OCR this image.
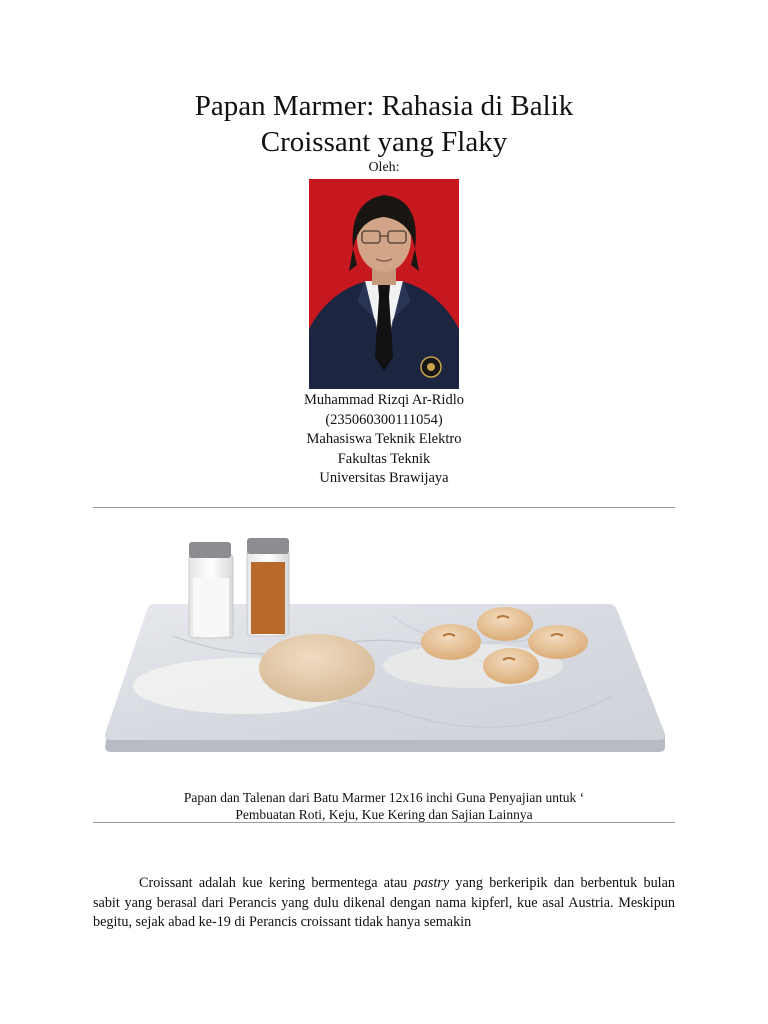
Papan Marmer: Rahasia di Balik
Croissant yang Flaky
Oleh:
Muhammad Rizqi Ar-Ridlo
(235060300111054)
Mahasiswa Teknik Elektro
Fakultas Teknik
Universitas Brawijaya
Papan dan Talenan dari Batu Marmer 12x16 inchi Guna Penyajian untuk ‘
Pembuatan Roti, Keju, Kue Kering dan Sajian Lainnya

Croissant adalah kue kering bermentega atau pastry yang berkeripik dan berbentuk bulan sabit yang berasal dari Perancis yang dulu dikenal dengan nama kipferl, kue asal Austria. Meskipun begitu, sejak abad ke-19 di Perancis croissant tidak hanya semakin
